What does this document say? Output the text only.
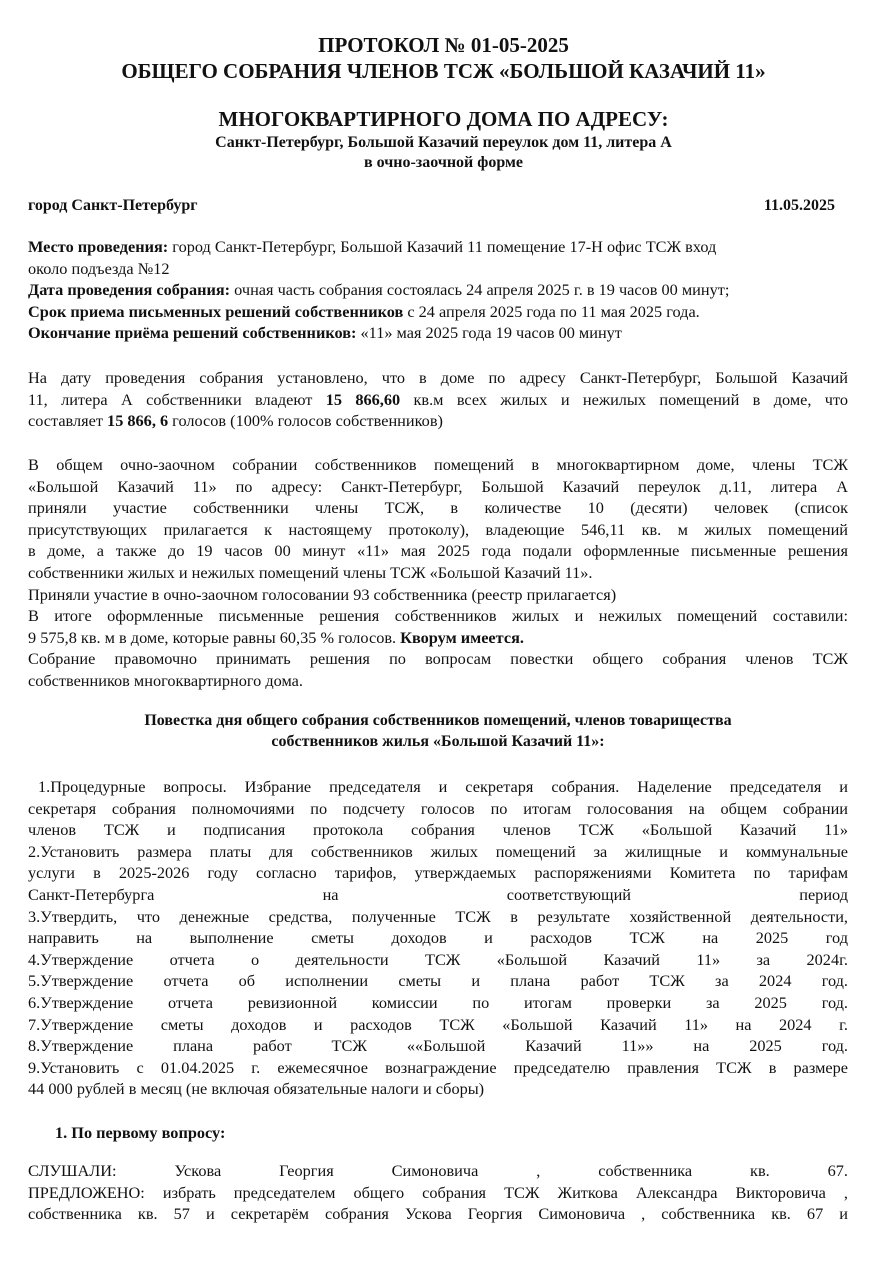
ПРОТОКОЛ № 01-05-2025
ОБЩЕГО СОБРАНИЯ ЧЛЕНОВ ТСЖ «БОЛЬШОЙ КАЗАЧИЙ 11»
МНОГОКВАРТИРНОГО ДОМА ПО АДРЕСУ:
Санкт-Петербург, Большой Казачий переулок дом 11, литера А
в очно-заочной форме
город Санкт-Петербург	11.05.2025

Место проведения: город Санкт-Петербург, Большой Казачий 11 помещение 17-Н офис ТСЖ вход

около подъезда №12

Дата проведения собрания: очная часть собрания состоялась 24 апреля 2025 г. в 19 часов 00 минут;

Срок приема письменных решений собственников с 24 апреля 2025 года по 11 мая 2025 года.

Окончание приёма решений собственников: «11» мая 2025 года 19 часов 00 минут

На дату проведения собрания установлено, что в доме по адресу Санкт-Петербург, Большой Казачий

11, литера А собственники владеют 15 866,60 кв.м всех жилых и нежилых помещений в доме, что

составляет 15 866, 6 голосов (100% голосов собственников)

В общем очно-заочном собрании собственников помещений в многоквартирном доме, члены ТСЖ

«Большой Казачий 11» по адресу: Санкт-Петербург, Большой Казачий переулок д.11, литера А

приняли участие собственники члены ТСЖ, в количестве 10 (десяти) человек (список

присутствующих прилагается к настоящему протоколу), владеющие 546,11 кв. м жилых помещений

в доме, а также до 19 часов 00 минут «11» мая 2025 года подали оформленные письменные решения

собственники жилых и нежилых помещений члены ТСЖ «Большой Казачий 11».

Приняли участие в очно-заочном голосовании 93 собственника (реестр прилагается)

В итоге оформленные письменные решения собственников жилых и нежилых помещений составили:

9 575,8 кв. м в доме, которые равны 60,35 % голосов. Кворум имеется.

Собрание правомочно принимать решения по вопросам повестки общего собрания членов ТСЖ

собственников многоквартирного дома.

Повестка дня общего собрания собственников помещений, членов товарищества

собственников жилья «Большой Казачий 11»:

1.Процедурные вопросы. Избрание председателя и секретаря собрания. Наделение председателя и

секретаря собрания полномочиями по подсчету голосов по итогам голосования на общем собрании

членов ТСЖ и подписания протокола собрания членов ТСЖ «Большой Казачий 11»

2.Установить размера платы для собственников жилых помещений за жилищные и коммунальные

услуги в 2025-2026 году согласно тарифов, утверждаемых распоряжениями Комитета по тарифам

Санкт-Петербурга на соответствующий период

3.Утвердить, что денежные средства, полученные ТСЖ в результате хозяйственной деятельности,

направить на выполнение сметы доходов и расходов ТСЖ на 2025 год

4.Утверждение отчета о деятельности ТСЖ «Большой Казачий 11» за 2024г.

5.Утверждение отчета об исполнении сметы и плана работ ТСЖ за 2024 год.

6.Утверждение отчета ревизионной комиссии по итогам проверки за 2025 год.

7.Утверждение сметы доходов и расходов ТСЖ «Большой Казачий 11» на 2024 г.

8.Утверждение плана работ ТСЖ ««Большой Казачий 11»» на 2025 год.

9.Установить с 01.04.2025 г. ежемесячное вознаграждение председателю правления ТСЖ в размере

44 000 рублей в месяц (не включая обязательные налоги и сборы)

1. По первому вопросу:

СЛУШАЛИ: Ускова Георгия Симоновича , собственника кв. 67.

ПРЕДЛОЖЕНО: избрать председателем общего собрания ТСЖ Житкова Александра Викторовича ,

собственника кв. 57 и секретарём собрания Ускова Георгия Симоновича , собственника кв. 67 и
